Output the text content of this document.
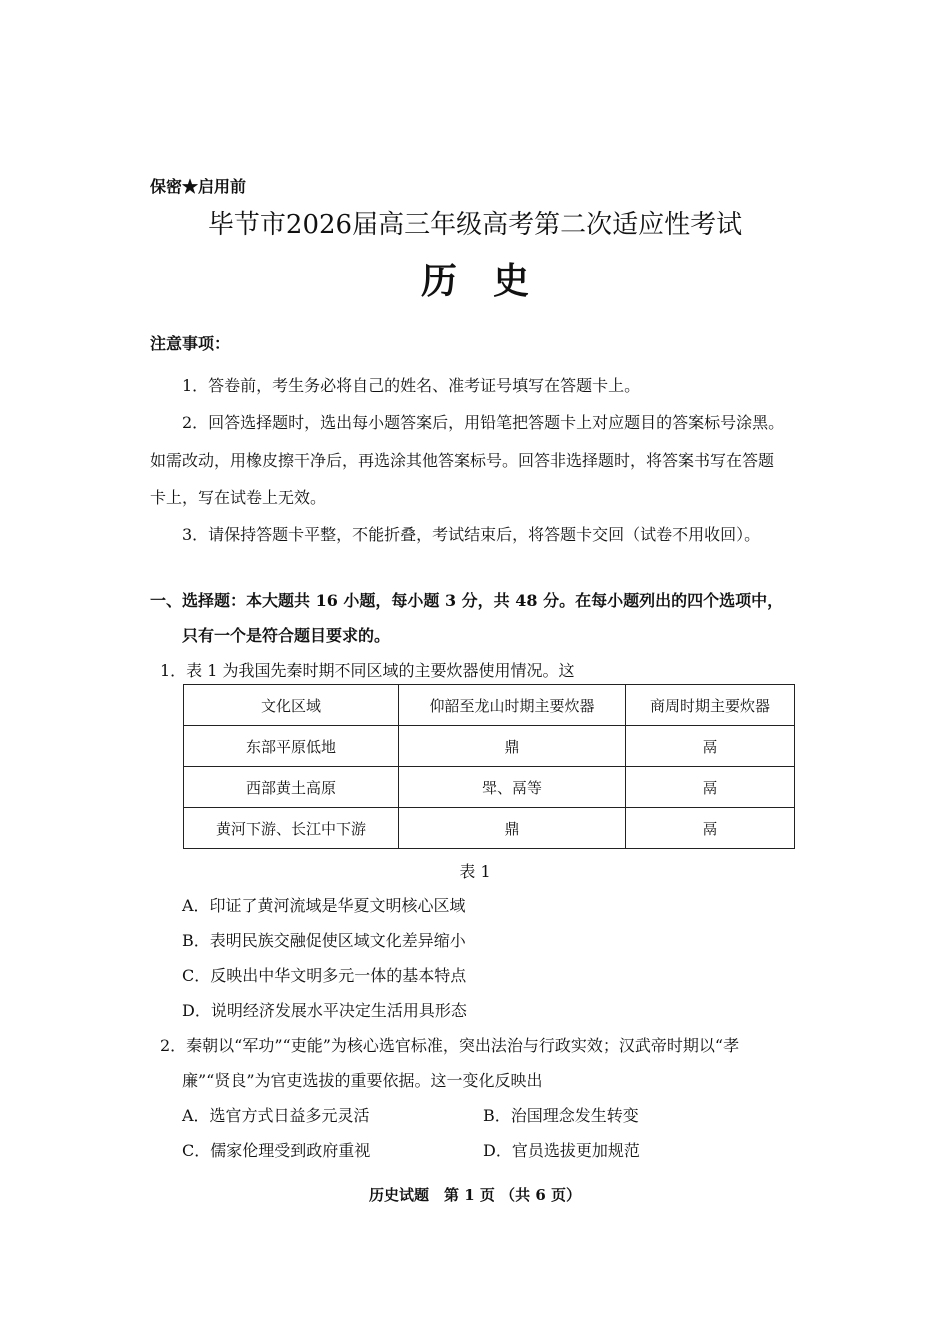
保密★启用前
毕节市2026届高三年级高考第二次适应性考试
历史
注意事项：
1．答卷前，考生务必将自己的姓名、准考证号填写在答题卡上。
2．回答选择题时，选出每小题答案后，用铅笔把答题卡上对应题目的答案标号涂黑。
如需改动，用橡皮擦干净后，再选涂其他答案标号。回答非选择题时，将答案书写在答题
卡上，写在试卷上无效。
3．请保持答题卡平整，不能折叠，考试结束后，将答题卡交回（试卷不用收回）。
一、选择题：本大题共 16 小题，每小题 3 分，共 48 分。在每小题列出的四个选项中，
只有一个是符合题目要求的。
1．表 1 为我国先秦时期不同区域的主要炊器使用情况。这
文化区域	仰韶至龙山时期主要炊器	商周时期主要炊器
东部平原低地	鼎	鬲
西部黄土高原	斝、鬲等	鬲
黄河下游、长江中下游	鼎	鬲
表 1
A．印证了黄河流域是华夏文明核心区域
B．表明民族交融促使区域文化差异缩小
C．反映出中华文明多元一体的基本特点
D．说明经济发展水平决定生活用具形态
2．秦朝以“军功”“吏能”为核心选官标准，突出法治与行政实效；汉武帝时期以“孝
廉”“贤良”为官吏选拔的重要依据。这一变化反映出
A．选官方式日益多元灵活	B．治国理念发生转变
C．儒家伦理受到政府重视	D．官员选拔更加规范
历史试题　第 1 页 （共 6 页）
